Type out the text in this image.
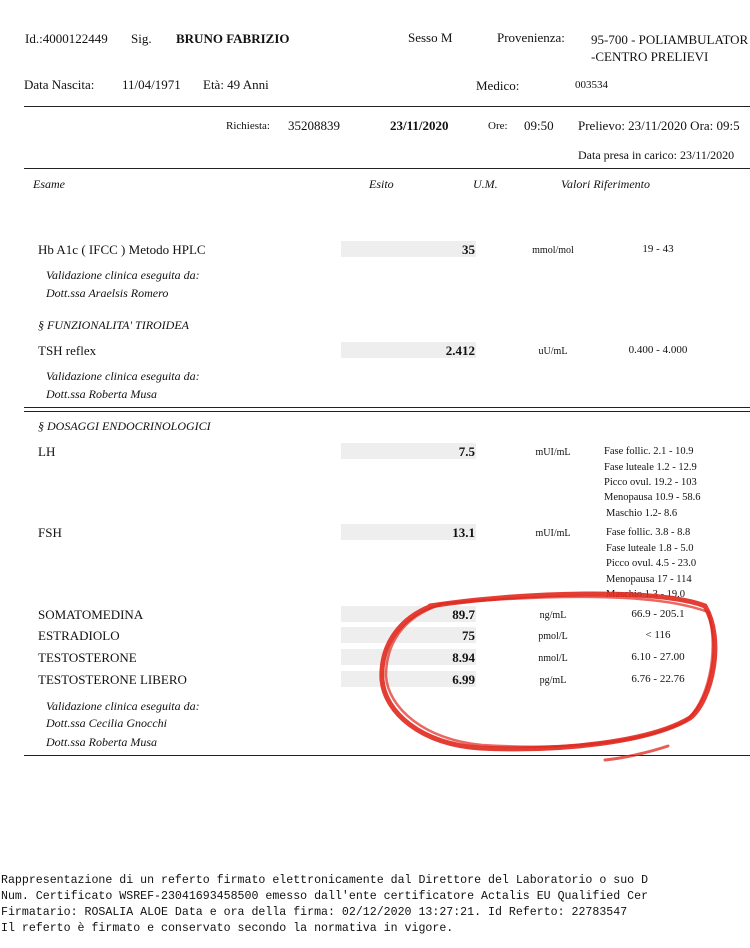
Id.:4000122449 Sig. BRUNO FABRIZIO	Sesso M	Provenienza: 95-700 - POLIAMBULATOR
-CENTRO PRELIEVI
Data Nascita: 11/04/1971 Età: 49 Anni	Medico:	003534
Richiesta: 35208839	23/11/2020	Ore: 09:50 Prelievo: 23/11/2020 Ora: 09:5
Data presa in carico: 23/11/2020
Esame	Esito	U.M.	Valori Riferimento
Hb A1c ( IFCC ) Metodo HPLC	35	mmol/mol	19 - 43
Validazione clinica eseguita da:
Dott.ssa Araelsis Romero
§ FUNZIONALITA' TIROIDEA
TSH reflex	2.412	uU/mL	0.400 - 4.000
Validazione clinica eseguita da:
Dott.ssa Roberta Musa
§ DOSAGGI ENDOCRINOLOGICI
LH	7.5	mUI/mL	Fase follic. 2.1 - 10.9
Fase luteale 1.2 - 12.9
Picco ovul. 19.2 - 103
Menopausa 10.9 - 58.6
Maschio 1.2- 8.6
FSH	13.1	mUI/mL	Fase follic. 3.8 - 8.8
Fase luteale 1.8 - 5.0
Picco ovul. 4.5 - 23.0
Menopausa 17 - 114
Maschio 1.3 - 19.0
SOMATOMEDINA	89.7	ng/mL	66.9 - 205.1
ESTRADIOLO	75	pmol/L	< 116
TESTOSTERONE	8.94	nmol/L	6.10 - 27.00
TESTOSTERONE LIBERO	6.99	pg/mL	6.76 - 22.76
Validazione clinica eseguita da:
Dott.ssa Cecilia Gnocchi
Dott.ssa Roberta Musa
Rappresentazione di un referto firmato elettronicamente dal Direttore del Laboratorio o suo D
Num. Certificato WSREF-23041693458500 emesso dall'ente certificatore Actalis EU Qualified Cer
Firmatario: ROSALIA ALOE Data e ora della firma: 02/12/2020 13:27:21. Id Referto: 22783547
Il referto è firmato e conservato secondo la normativa in vigore.
